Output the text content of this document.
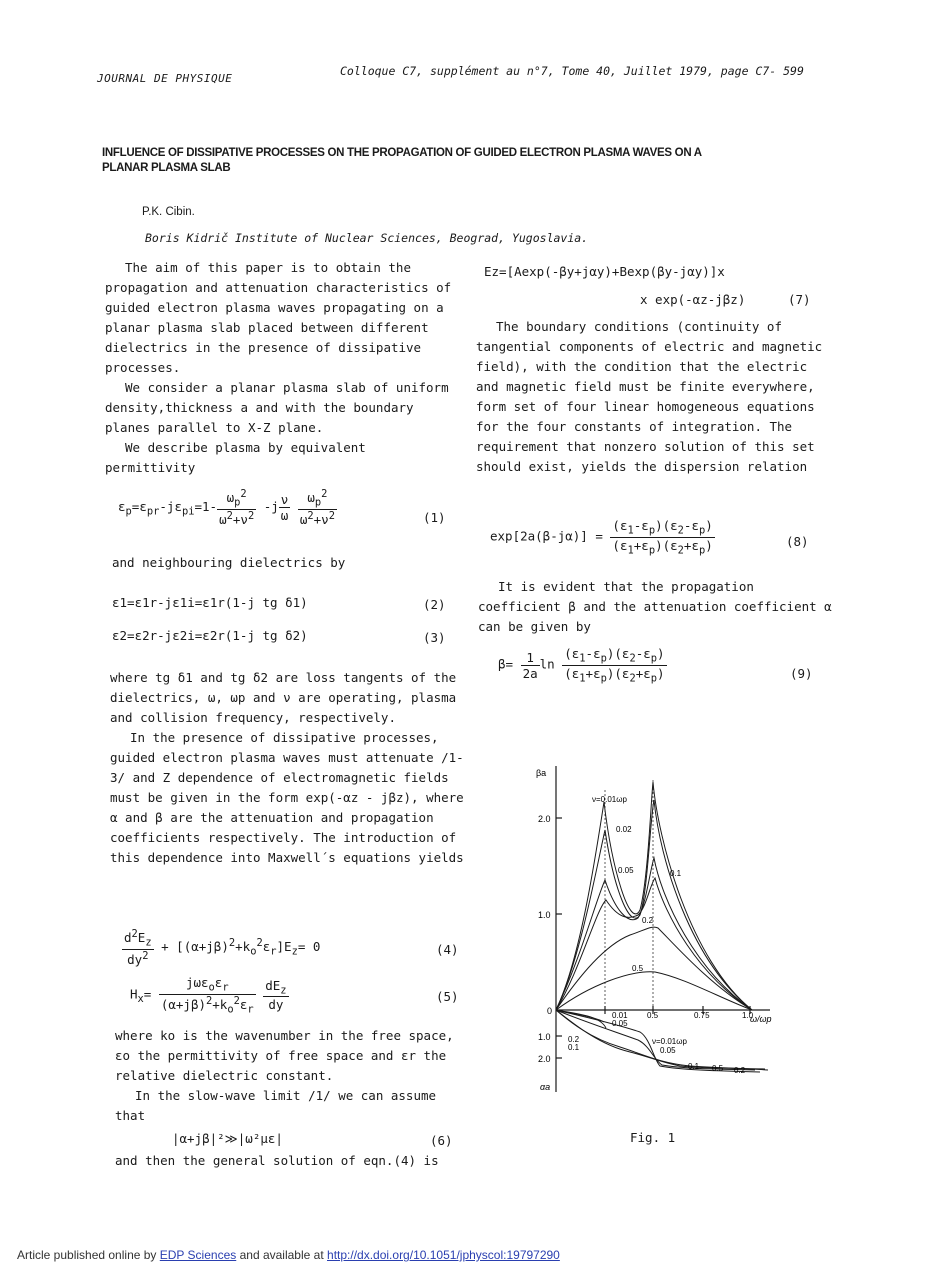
JOURNAL DE PHYSIQUE
Colloque C7, supplément au n°7, Tome 40, Juillet 1979, page C7- 599
INFLUENCE OF DISSIPATIVE PROCESSES ON THE PROPAGATION OF GUIDED ELECTRON PLASMA WAVES ON A PLANAR PLASMA SLAB
P.K. Cibin.
Boris Kidrič Institute of Nuclear Sciences, Beograd, Yugoslavia.

The aim of this paper is to obtain the propagation and attenuation characteristics of guided electron plasma waves propagating on a planar plasma slab placed between different dielectrics in the presence of dissipative processes.

We consider a planar plasma slab of uniform density,thickness a and with the boundary planes parallel to X-Z plane.

We describe plasma by equivalent permittivity

$\varepsilon_p=\varepsilon_{pr}-j\varepsilon_{pi}=1- \frac{\omega_p^2}{\omega^2+\nu^2} -j \frac{\nu}{\omega}$
$\frac{\omega_p^2}{\omega^2+\nu^2}$	(1)
and neighbouring dielectrics by
ε1=ε1r-jε1i=ε1r(1-j tg δ1)	(2)
ε2=ε2r-jε2i=ε2r(1-j tg δ2)	(3)

where tg δ1 and tg δ2 are loss tangents of the dielectrics, ω, ωp and ν are operating, plasma and collision frequency, respectively.

In the presence of dissipative processes, guided electron plasma waves must attenuate /1-3/ and Z dependence of electromagnetic fields must be given in the form exp(-αz - jβz), where α and β are the attenuation and propagation coefficients respectively. The introduction of this dependence into Maxwell´s equations yields

$\frac{d^2E_z}{dy^2} + [(\alpha+j\beta)^2+k_o^2\varepsilon_r]E_z= 0$	(4)
$H_x= \frac{j\omega\varepsilon_o\varepsilon_r}{(\alpha+j\beta)^2+k_o^2\varepsilon_r}$
$\frac{dE_z}{dy}$	(5)

where ko is the wavenumber in the free space, εo the permittivity of free space and εr the relative dielectric constant.

In the slow-wave limit /1/ we can assume that

|α+jβ|²≫|ω²με|	(6)
and then the general solution of eqn.(4) is
Ez=[Aexp(-βy+jαy)+Bexp(βy-jαy)]x
x exp(-αz-jβz)	(7)

The boundary conditions (continuity of tangential components of electric and magnetic field), with the condition that the electric and magnetic field must be finite everywhere, form set of four linear homogeneous equations for the four constants of integration. The requirement that nonzero solution of this set should exist, yields the dispersion relation

$\exp[2a(\beta-j\alpha)] = \frac{(\varepsilon_1-\varepsilon_p)(\varepsilon_2-\varepsilon_p)}{(\varepsilon_1+\varepsilon_p)(\varepsilon_2+\varepsilon_p)}$	(8)

It is evident that the propagation coefficient β and the attenuation coefficient α can be given by

$\beta= \frac{1}{2a}$ $\ln \frac{(\varepsilon_1-\varepsilon_p)(\varepsilon_2-\varepsilon_p)}{(\varepsilon_1+\varepsilon_p)(\varepsilon_2+\varepsilon_p)}$	(9)
βa
ω/ωp
αa
2.0
1.0
0
1.0
2.0
0.01
0.05
0.5	0.75	1.0
ν=0.01ωp
0.02
0.05	0.1
0.2
0.5
0.2
0.1
ν=0.01ωp
0.05
0.1 0.5 0.2
Fig. 1
Article published online by EDP Sciences and available at http://dx.doi.org/10.1051/jphyscol:19797290
